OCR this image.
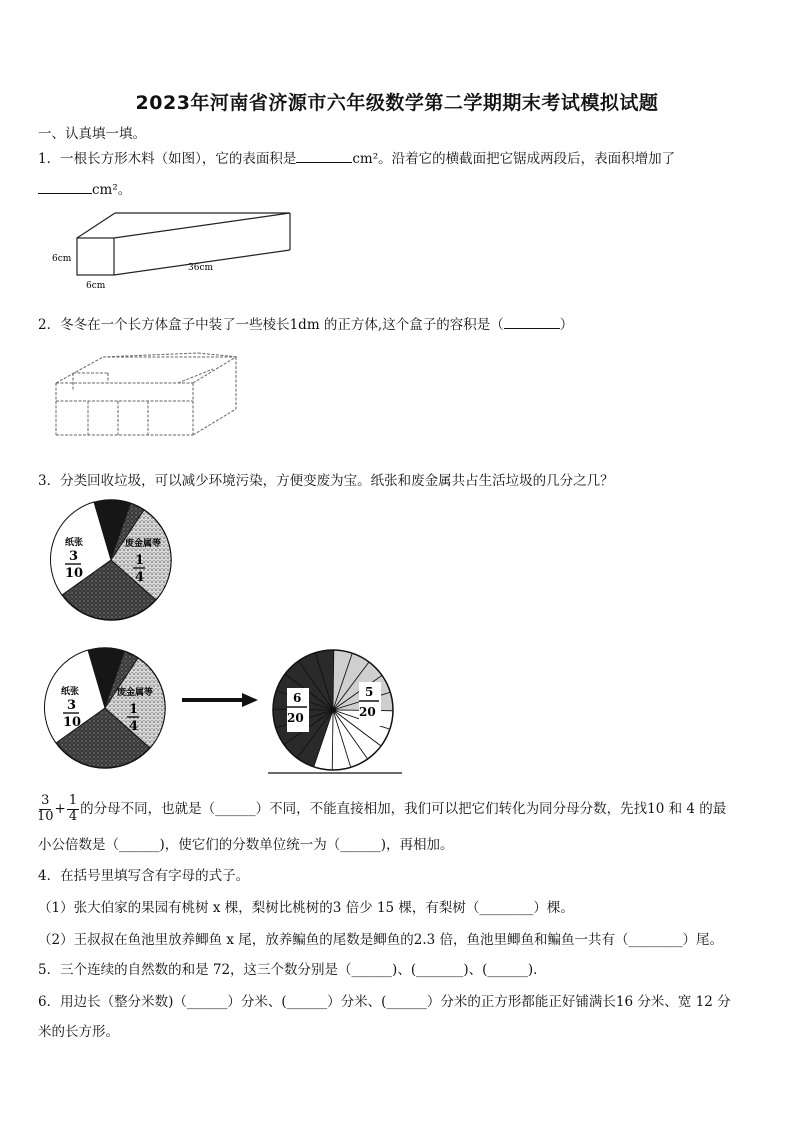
2023年河南省济源市六年级数学第二学期期末考试模拟试题
一、认真填一填。
1．一根长方形木料（如图），它的表面积是	cm²。沿着它的横截面把它锯成两段后，表面积增加了
cm²。
6cm
36cm
6cm
2．冬冬在一个长方体盒子中装了一些棱长1dm 的正方体,这个盒子的容积是（	）
3．分类回收垃圾，可以减少环境污染，方便变废为宝。纸张和废金属共占生活垃圾的几分之几？
纸张
3
10
废金属等
1
4
纸张
3
10
废金属等
1
4
6
20
5
20
$\frac{3}{10} + \frac{1}{4}$ 的分母不同，也就是（______）不同，不能直接相加，我们可以把它们转化为同分母分数，先找10 和 4 的最
小公倍数是（______)，使它们的分数单位统一为（______)，再相加。
4．在括号里填写含有字母的式子。
（1）张大伯家的果园有桃树 x 棵，梨树比桃树的3 倍少 15 棵，有梨树（________）棵。
（2）王叔叔在鱼池里放养鲫鱼 x 尾，放养鳊鱼的尾数是鲫鱼的2.3 倍，鱼池里鲫鱼和鳊鱼一共有（________）尾。
5．三个连续的自然数的和是 72，这三个数分别是（______)、(_______)、(______).
6．用边长（整分米数)（______）分米、(______）分米、(______）分米的正方形都能正好铺满长16 分米、宽 12 分
米的长方形。
